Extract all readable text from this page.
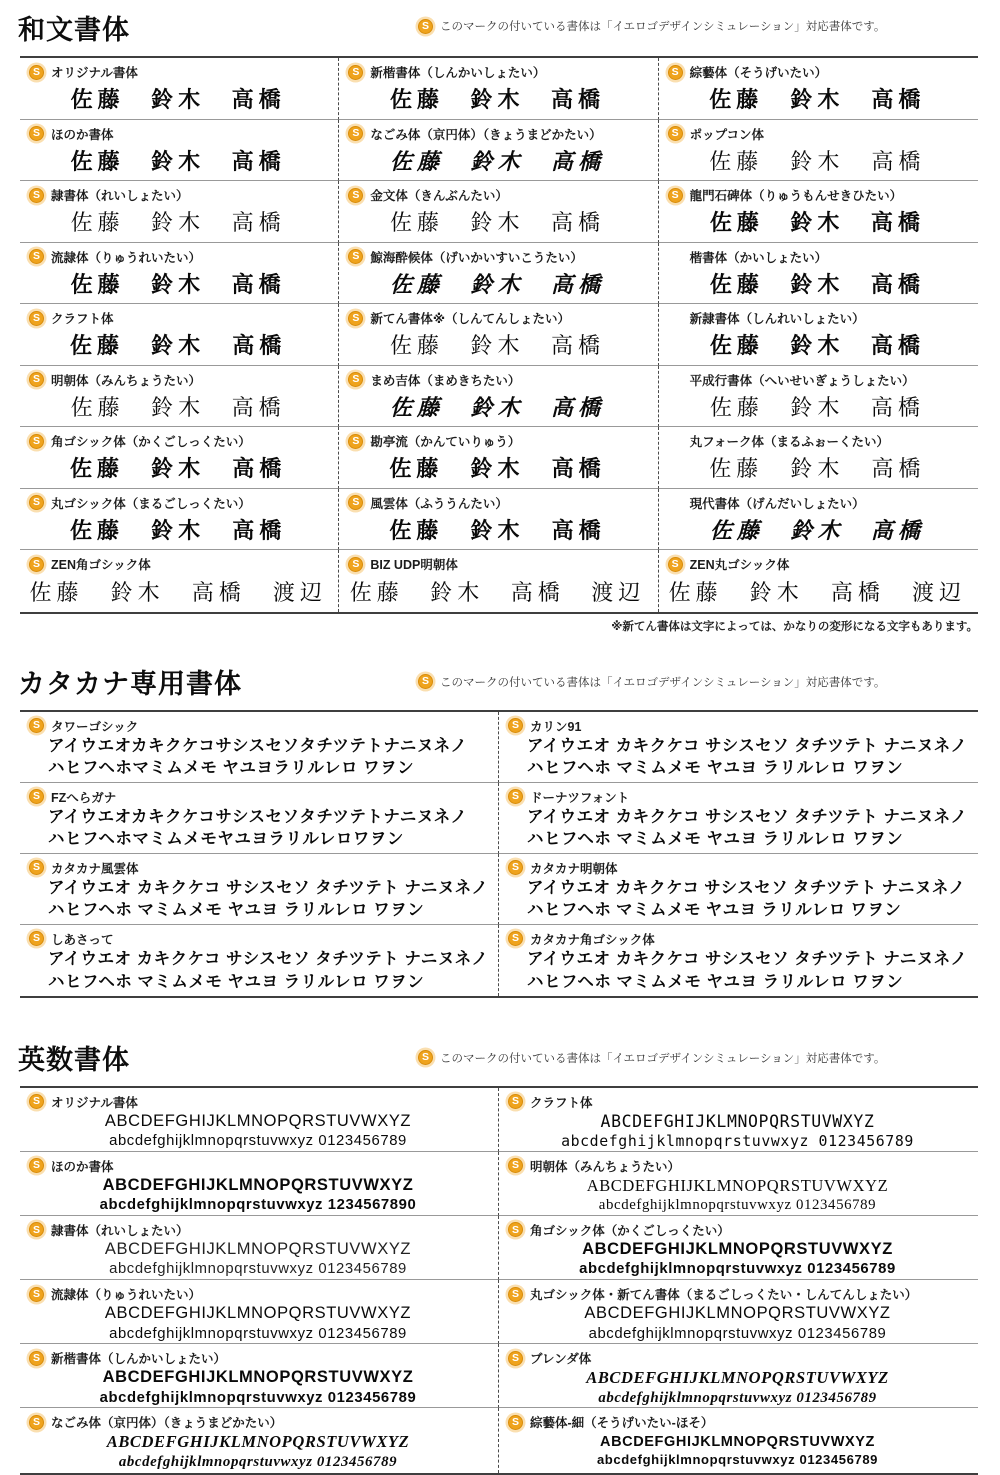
和文書体	S このマークの付いている書体は「イエロゴデザインシミュレーション」対応書体です。
S オリジナル書体
佐藤 鈴木 高橋
S 新楷書体（しんかいしょたい）
佐藤 鈴木 高橋
S 綜藝体（そうげいたい）
佐藤 鈴木 高橋
S ほのか書体
佐藤 鈴木 高橋
S なごみ体（京円体）（きょうまどかたい）
佐藤 鈴木 高橋
S ポップコン体
佐藤 鈴木 高橋
S 隷書体（れいしょたい）
佐藤 鈴木 高橋
S 金文体（きんぶんたい）
佐藤 鈴木 高橋
S 龍門石碑体（りゅうもんせきひたい）
佐藤 鈴木 高橋
S 流隷体（りゅうれいたい）
佐藤 鈴木 高橋
S 鯨海酔候体（げいかいすいこうたい）
佐藤 鈴木 高橋
楷書体（かいしょたい）
佐藤 鈴木 高橋
S クラフト体
佐藤 鈴木 高橋
S 新てん書体※（しんてんしょたい）
佐藤 鈴木 高橋
新隷書体（しんれいしょたい）
佐藤 鈴木 高橋
S 明朝体（みんちょうたい）
佐藤 鈴木 高橋
S まめ吉体（まめきちたい）
佐藤 鈴木 高橋
平成行書体（へいせいぎょうしょたい）
佐藤 鈴木 高橋
S 角ゴシック体（かくごしっくたい）
佐藤 鈴木 高橋
S 勘亭流（かんていりゅう）
佐藤 鈴木 高橋
丸フォーク体（まるふぉーくたい）
佐藤 鈴木 高橋
S 丸ゴシック体（まるごしっくたい）
佐藤 鈴木 高橋
S 風雲体（ふううんたい）
佐藤 鈴木 高橋
現代書体（げんだいしょたい）
佐藤 鈴木 高橋
S ZEN角ゴシック体
佐藤 鈴木 高橋 渡辺
S BIZ UDP明朝体
佐藤 鈴木 高橋 渡辺
S ZEN丸ゴシック体
佐藤 鈴木 高橋 渡辺
※新てん書体は文字によっては、かなりの変形になる文字もあります。
カタカナ専用書体	S このマークの付いている書体は「イエロゴデザインシミュレーション」対応書体です。
S タワーゴシック
アイウエオカキクケコサシスセソタチツテトナニヌネノ
ハヒフヘホマミムメモ ヤユヨラリルレロ ワヲン
S カリン91
アイウエオ カキクケコ サシスセソ タチツテト ナニヌネノ
ハヒフヘホ マミムメモ ヤユヨ ラリルレロ ワヲン
S FZへらガナ
アイウエオカキクケコサシスセソタチツテトナニヌネノ
ハヒフヘホマミムメモヤユヨラリルレロワヲン
S ドーナツフォント
アイウエオ カキクケコ サシスセソ タチツテト ナニヌネノ
ハヒフヘホ マミムメモ ヤユヨ ラリルレロ ワヲン
S カタカナ風雲体
アイウエオ カキクケコ サシスセソ タチツテト ナニヌネノ
ハヒフヘホ マミムメモ ヤユヨ ラリルレロ ワヲン
S カタカナ明朝体
アイウエオ カキクケコ サシスセソ タチツテト ナニヌネノ
ハヒフヘホ マミムメモ ヤユヨ ラリルレロ ワヲン
S しあさって
アイウエオ カキクケコ サシスセソ タチツテト ナニヌネノ
ハヒフヘホ マミムメモ ヤユヨ ラリルレロ ワヲン
S カタカナ角ゴシック体
アイウエオ カキクケコ サシスセソ タチツテト ナニヌネノ
ハヒフヘホ マミムメモ ヤユヨ ラリルレロ ワヲン
英数書体	S このマークの付いている書体は「イエロゴデザインシミュレーション」対応書体です。
S オリジナル書体
ABCDEFGHIJKLMNOPQRSTUVWXYZ
abcdefghijklmnopqrstuvwxyz 0123456789
S クラフト体
ABCDEFGHIJKLMNOPQRSTUVWXYZ
abcdefghijklmnopqrstuvwxyz 0123456789
S ほのか書体
ABCDEFGHIJKLMNOPQRSTUVWXYZ
abcdefghijklmnopqrstuvwxyz 1234567890
S 明朝体（みんちょうたい）
ABCDEFGHIJKLMNOPQRSTUVWXYZ
abcdefghijklmnopqrstuvwxyz 0123456789
S 隷書体（れいしょたい）
ABCDEFGHIJKLMNOPQRSTUVWXYZ
abcdefghijklmnopqrstuvwxyz 0123456789
S 角ゴシック体（かくごしっくたい）
ABCDEFGHIJKLMNOPQRSTUVWXYZ
abcdefghijklmnopqrstuvwxyz 0123456789
S 流隷体（りゅうれいたい）
ABCDEFGHIJKLMNOPQRSTUVWXYZ
abcdefghijklmnopqrstuvwxyz 0123456789
S 丸ゴシック体・新てん書体（まるごしっくたい・しんてんしょたい）
ABCDEFGHIJKLMNOPQRSTUVWXYZ
abcdefghijklmnopqrstuvwxyz 0123456789
S 新楷書体（しんかいしょたい）
ABCDEFGHIJKLMNOPQRSTUVWXYZ
abcdefghijklmnopqrstuvwxyz 0123456789
S ブレンダ体
ABCDEFGHIJKLMNOPQRSTUVWXYZ
abcdefghijklmnopqrstuvwxyz 0123456789
S なごみ体（京円体）（きょうまどかたい）
ABCDEFGHIJKLMNOPQRSTUVWXYZ
abcdefghijklmnopqrstuvwxyz 0123456789
S 綜藝体-細（そうげいたい-ほそ）
ABCDEFGHIJKLMNOPQRSTUVWXYZ
abcdefghijklmnopqrstuvwxyz 0123456789
